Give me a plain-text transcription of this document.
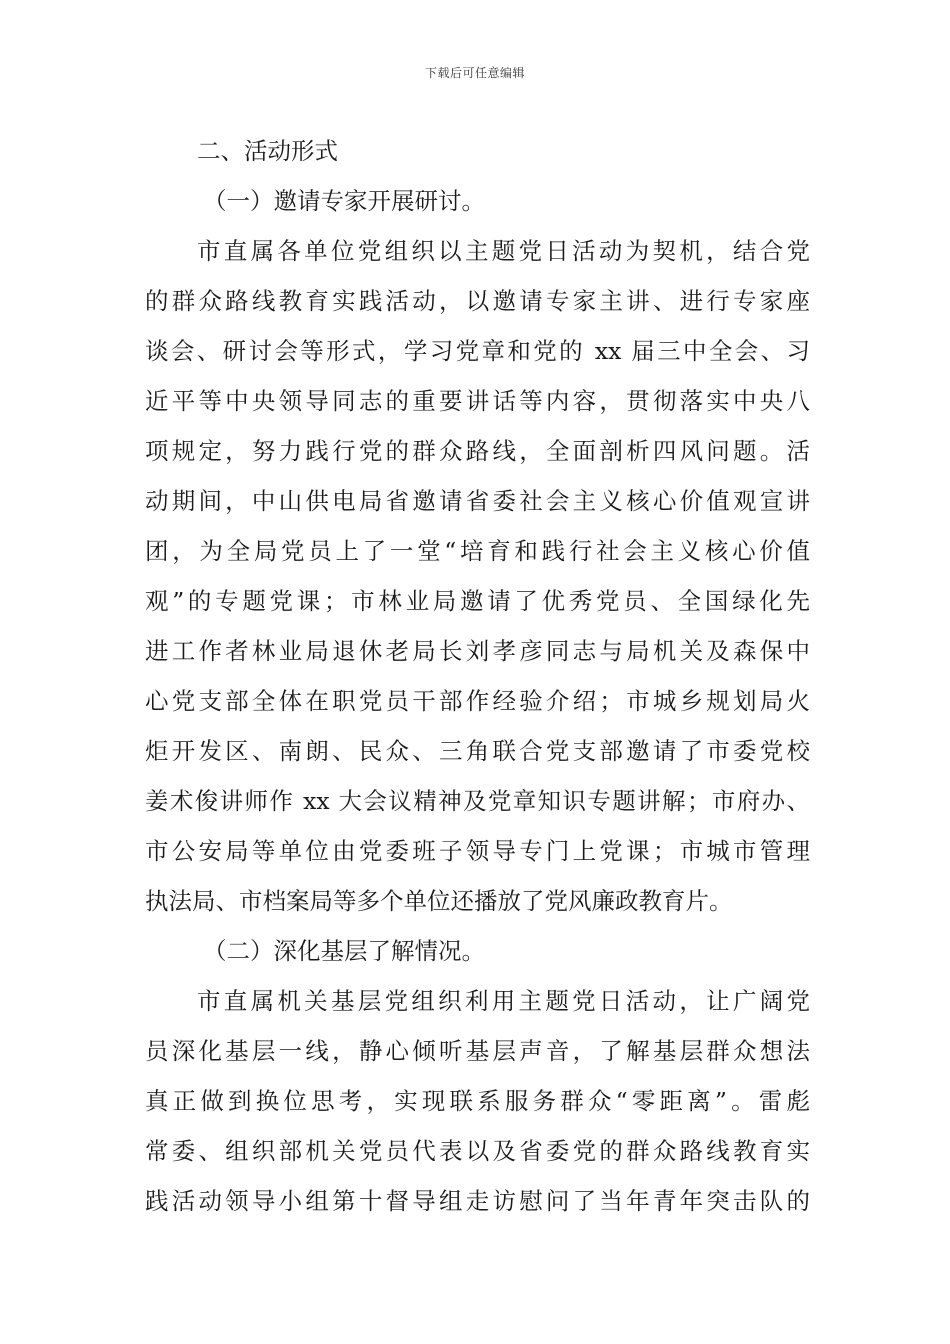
下载后可任意编辑
二、活动形式
（一）邀请专家开展研讨。
市直属各单位党组织以主题党日活动为契机，结合党
的群众路线教育实践活动，以邀请专家主讲、进行专家座
谈会、研讨会等形式，学习党章和党的 xx 届三中全会、习
近平等中央领导同志的重要讲话等内容，贯彻落实中央八
项规定，努力践行党的群众路线，全面剖析四风问题。活
动期间，中山供电局省邀请省委社会主义核心价值观宣讲
团，为全局党员上了一堂“培育和践行社会主义核心价值
观”的专题党课；市林业局邀请了优秀党员、全国绿化先
进工作者林业局退休老局长刘孝彦同志与局机关及森保中
心党支部全体在职党员干部作经验介绍；市城乡规划局火
炬开发区、南朗、民众、三角联合党支部邀请了市委党校
姜术俊讲师作 xx 大会议精神及党章知识专题讲解；市府办、
市公安局等单位由党委班子领导专门上党课；市城市管理
执法局、市档案局等多个单位还播放了党风廉政教育片。
（二）深化基层了解情况。
市直属机关基层党组织利用主题党日活动，让广阔党
员深化基层一线，静心倾听基层声音，了解基层群众想法
真正做到换位思考，实现联系服务群众“零距离”。雷彪
常委、组织部机关党员代表以及省委党的群众路线教育实
践活动领导小组第十督导组走访慰问了当年青年突击队的
